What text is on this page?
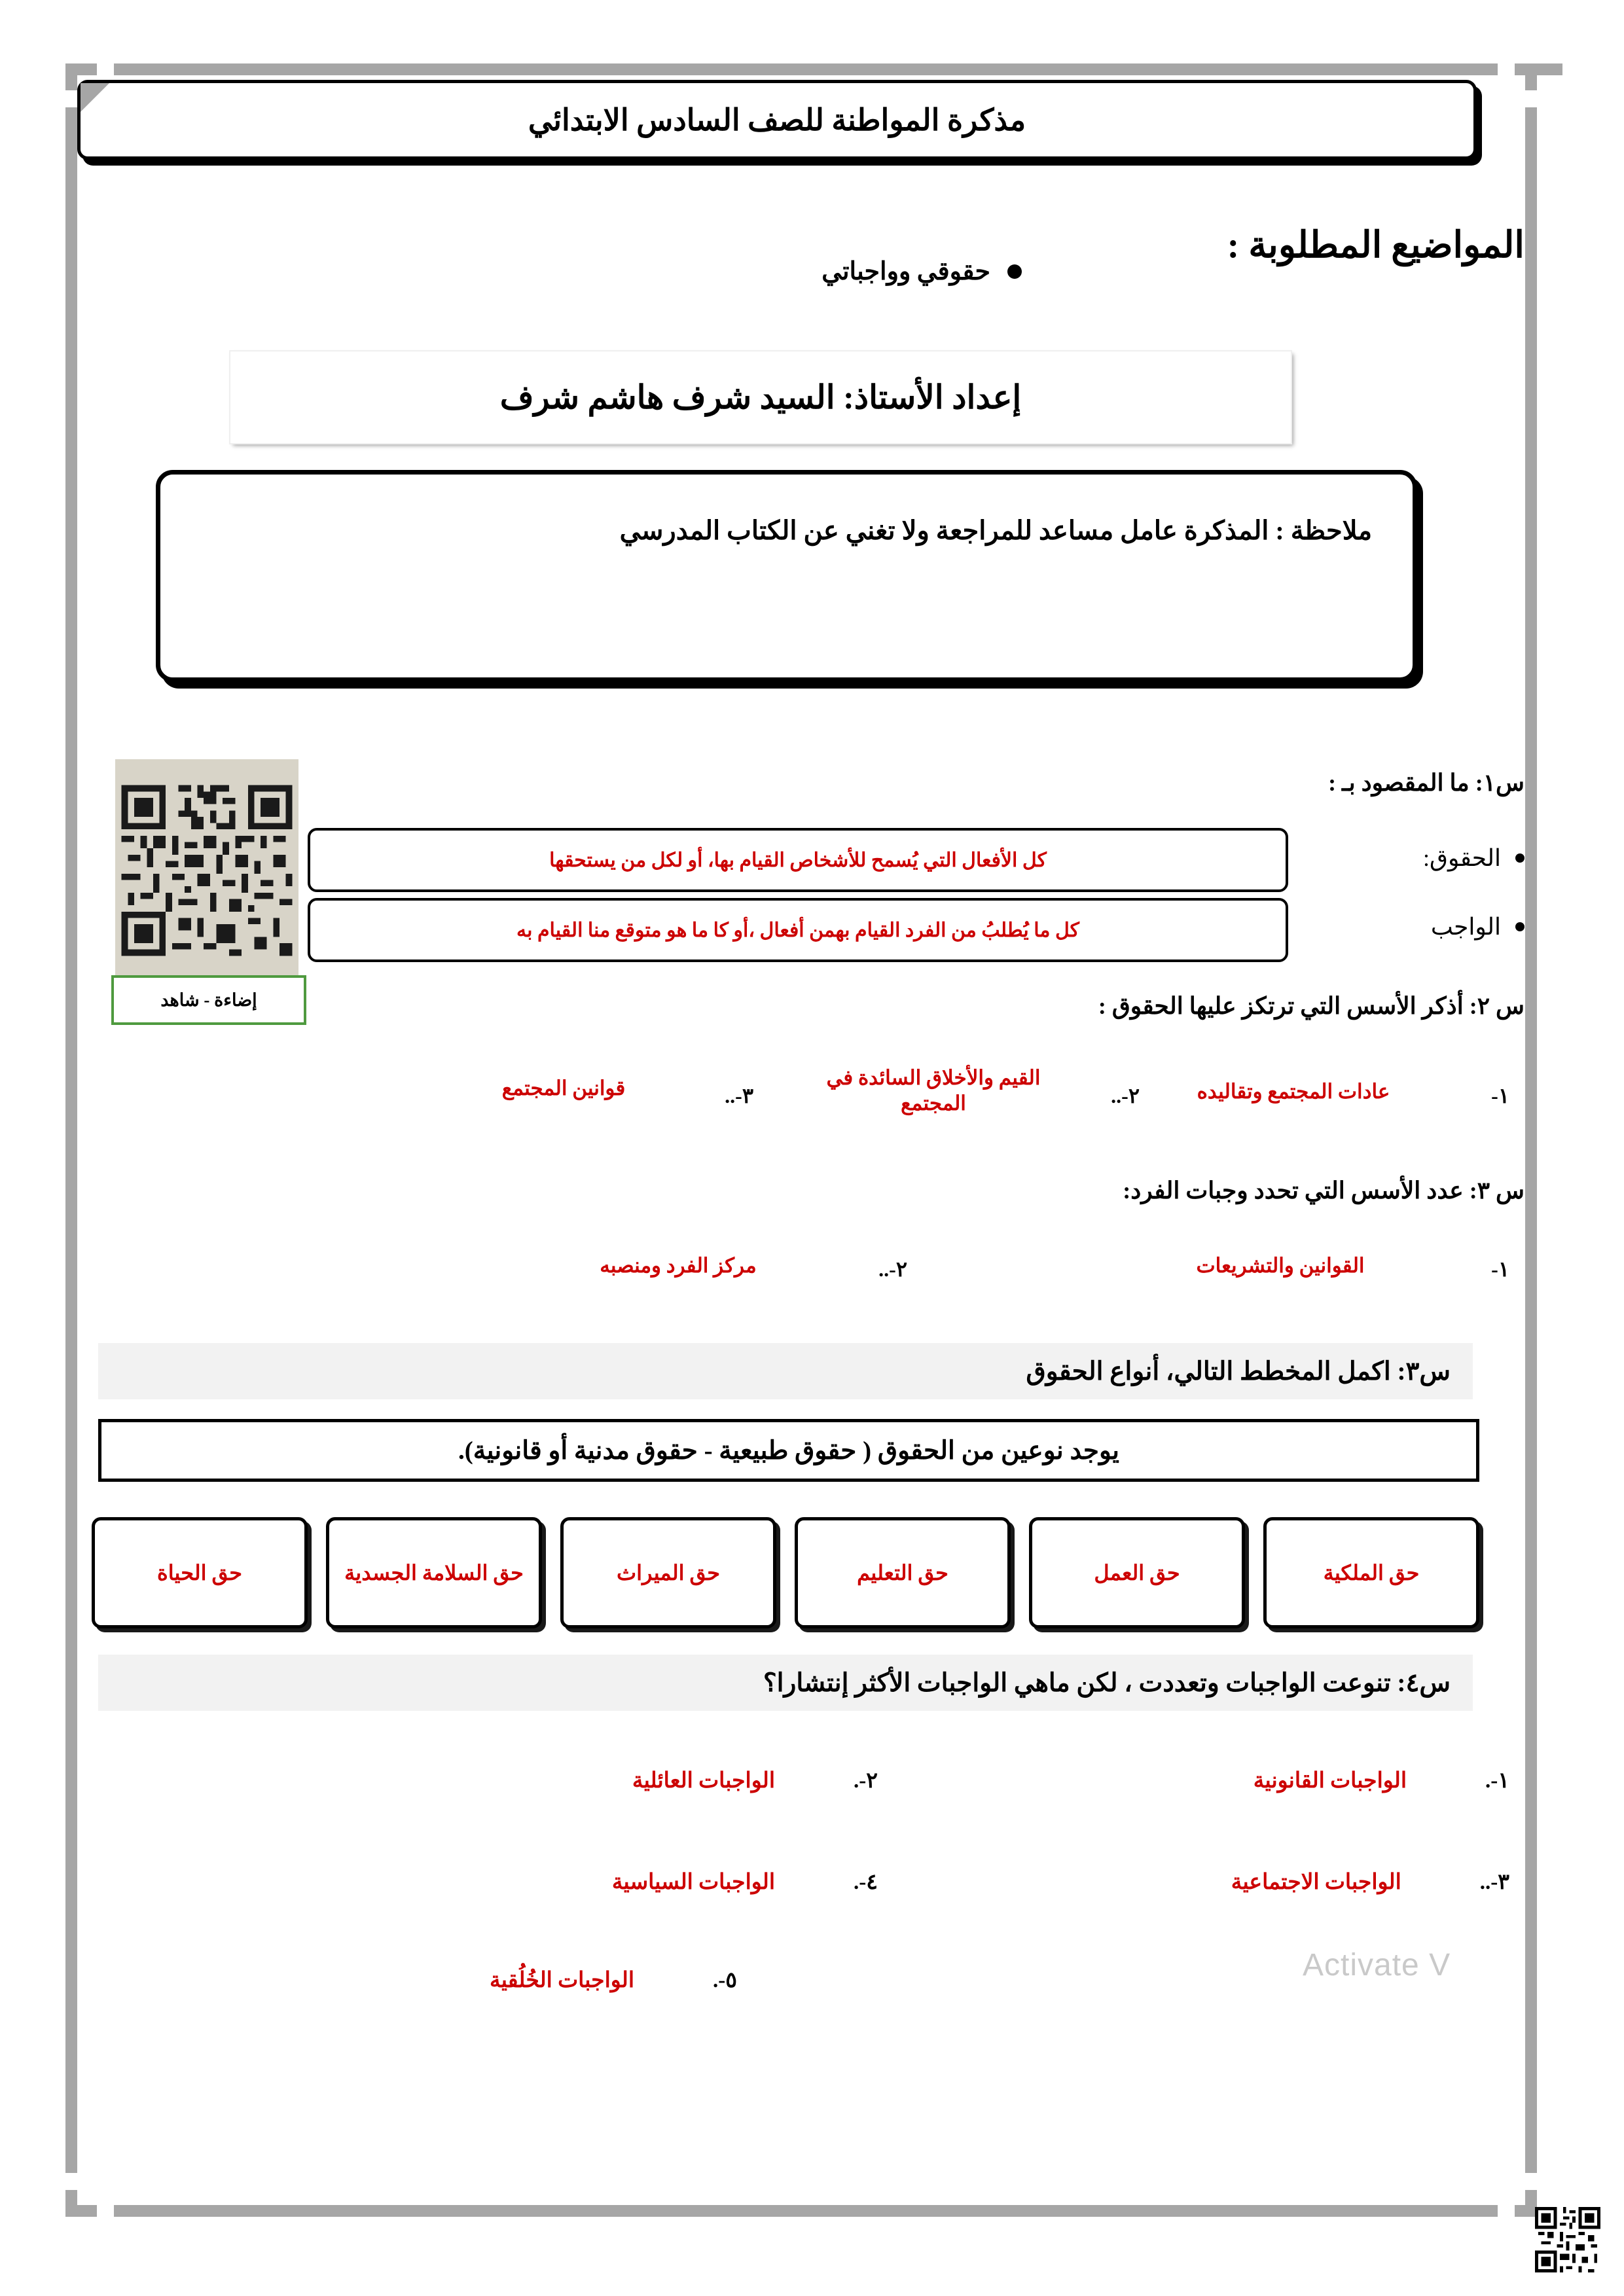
مذكرة المواطنة للصف السادس الابتدائي
المواضيع المطلوبة :
حقوقي وواجباتي
إعداد الأستاذ: السيد شرف هاشم شرف
ملاحظة : المذكرة عامل مساعد للمراجعة ولا تغني عن الكتاب المدرسي
إضاءة - شاهد
س١: ما المقصود بـ :
الحقوق:
كل الأفعال التي يُسمح للأشخاص القيام بها، أو لكل من يستحقها
الواجب
كل ما يُطلبُ من الفرد القيام بهمن أفعال ،أو كا ما هو متوقع منا القيام به
س ٢: أذكر الأسس التي ترتكز عليها الحقوق :
١-
عادات المجتمع وتقاليده
٢-..
القيم والأخلاق السائدة في المجتمع
٣-..
قوانين المجتمع
س ٣: عدد الأسس التي تحدد وجبات الفرد:
١-
القوانين والتشريعات
٢-..
مركز الفرد ومنصبه
س٣: اكمل المخطط التالي، أنواع الحقوق
يوجد نوعين من الحقوق ( حقوق طبيعية - حقوق مدنية أو قانونية).
حق الحياة	حق السلامة الجسدية	حق الميراث	حق التعليم	حق العمل	حق الملكية
س٤: تنوعت الواجبات وتعددت ، لكن ماهي الواجبات الأكثر إنتشارا؟
١-.
الواجبات القانونية
٢-.
الواجبات العائلية
٣-..
الواجبات الاجتماعية
٤-.
الواجبات السياسية
٥-.
الواجبات الخُلُقية	Activate V
